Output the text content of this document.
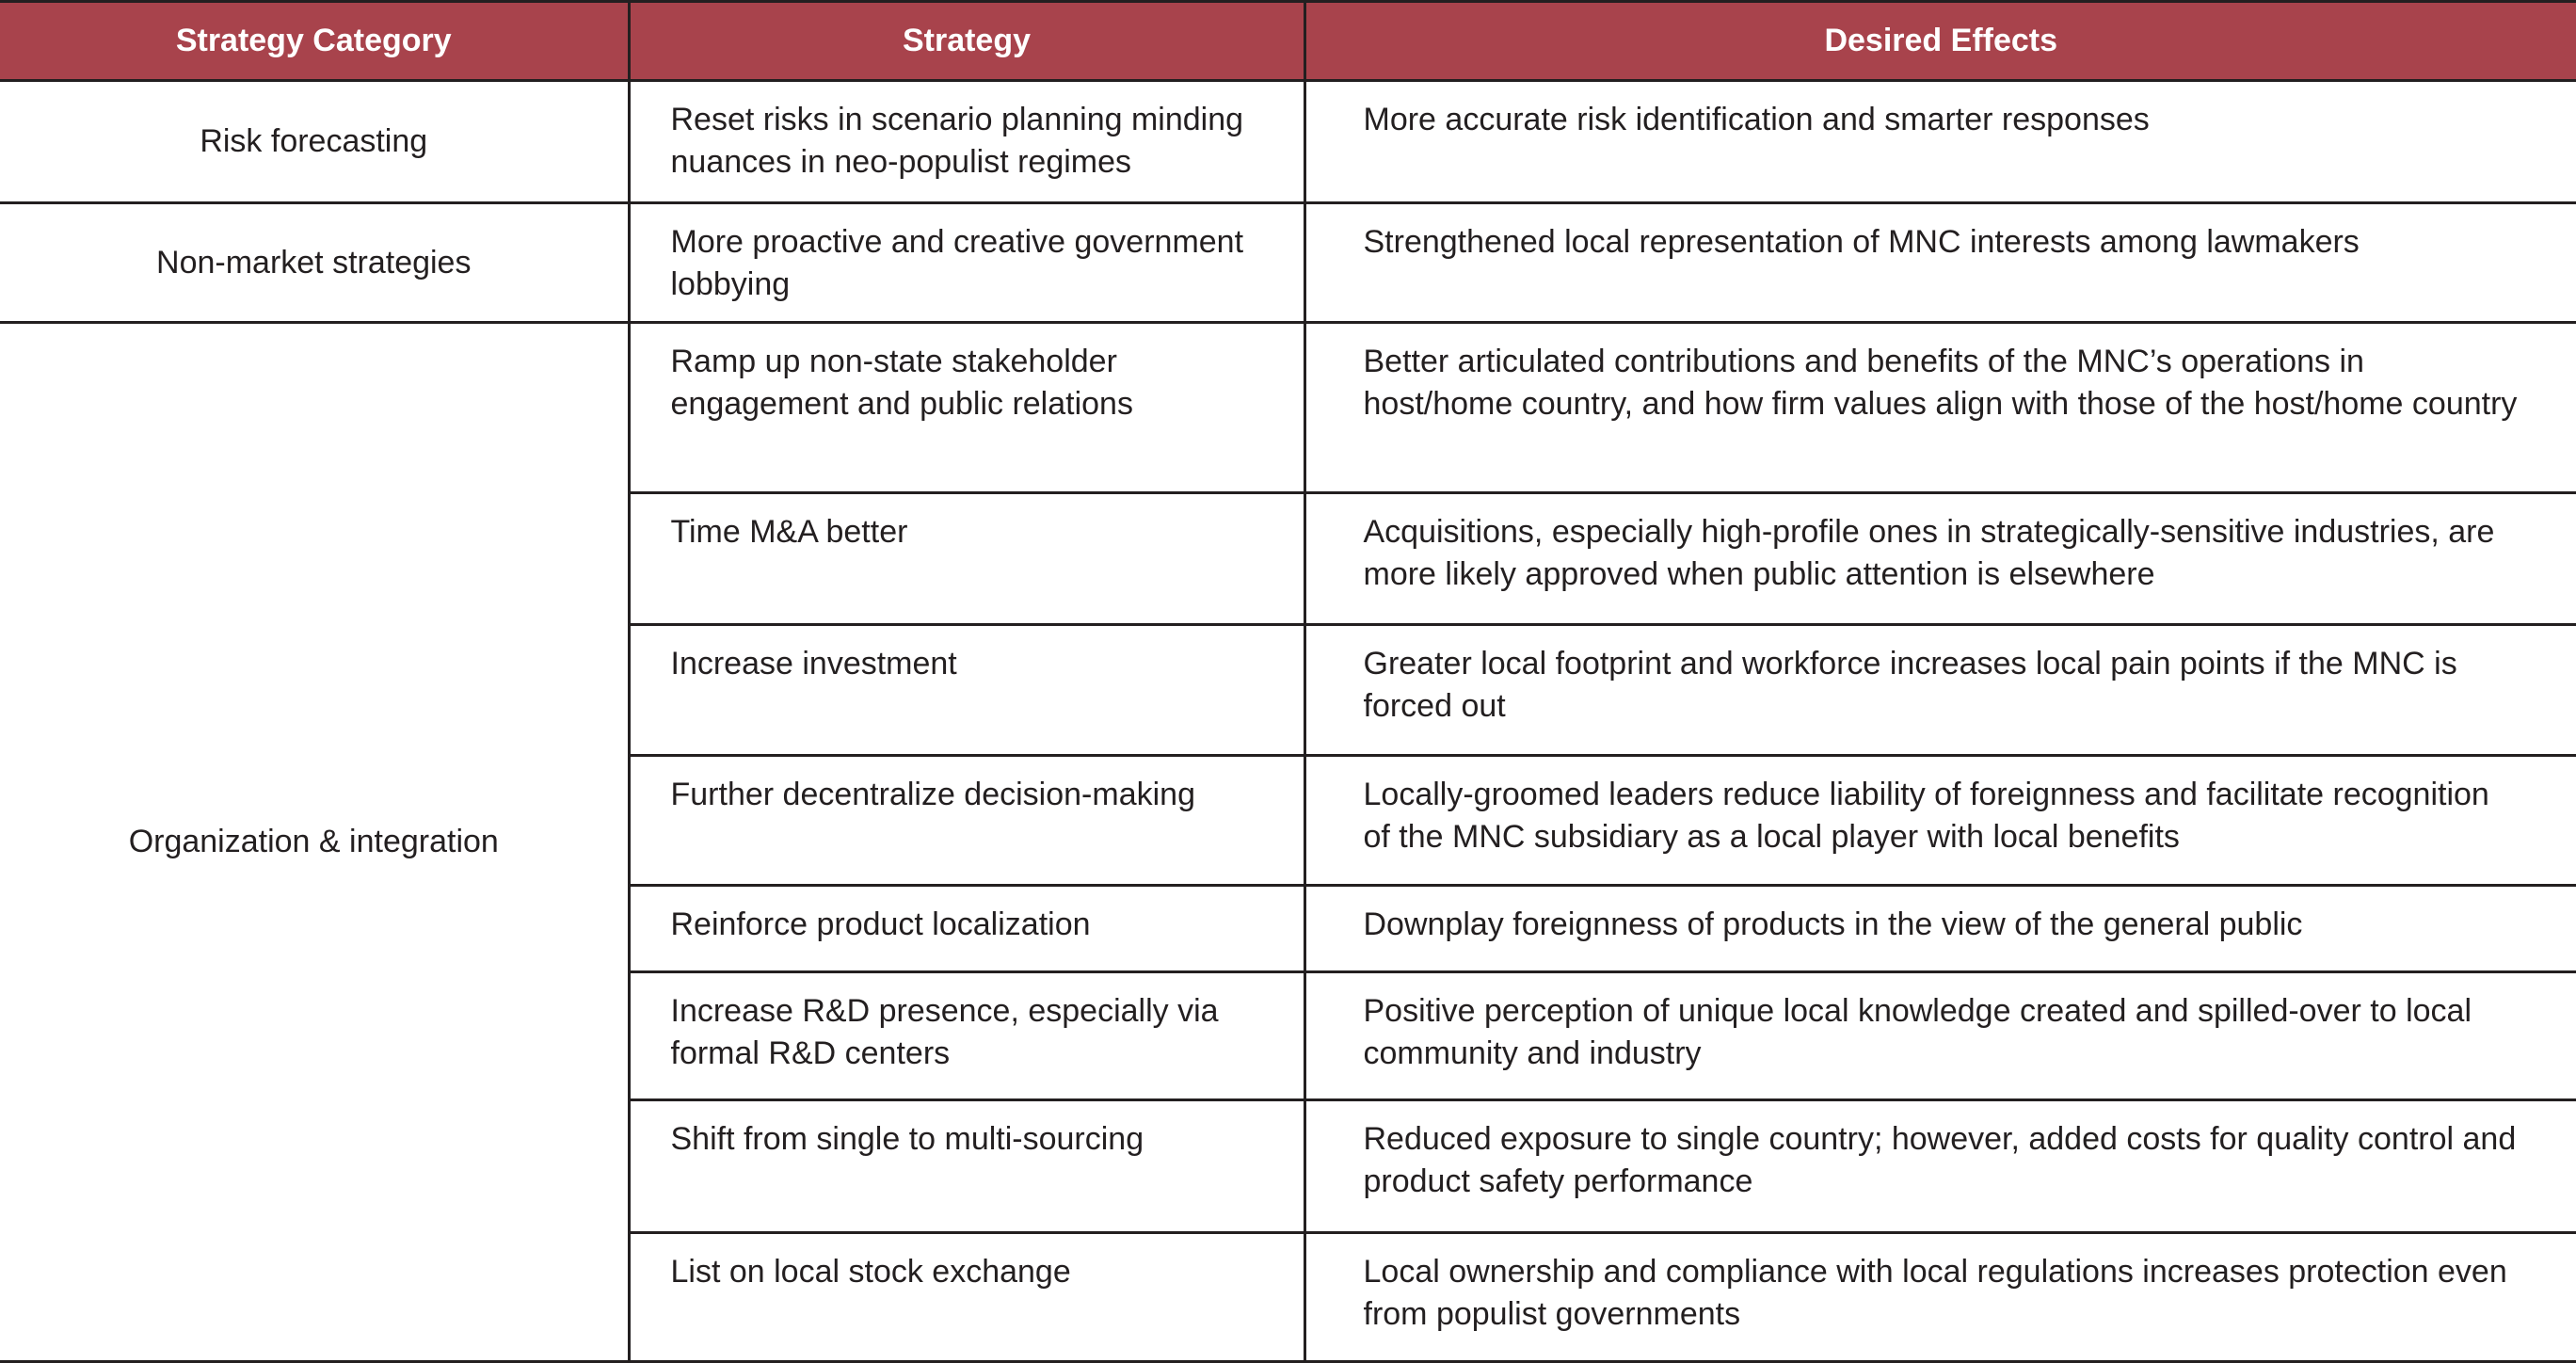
Strategy Category	Strategy	Desired Effects
Risk forecasting	Reset risks in scenario planning minding nuances in neo-populist regimes	More accurate risk identification and smarter responses
Non-market strategies	More proactive and creative government lobbying	Strengthened local representation of MNC interests among lawmakers
Organization & integration	Ramp up non-state stakeholder engagement and public relations	Better articulated contributions and benefits of the MNC’s operations in host/home country, and how firm values align with those of the host/home country
	Time M&A better	Acquisitions, especially high-profile ones in strategically-sensitive industries, are more likely approved when public attention is elsewhere
	Increase investment	Greater local footprint and workforce increases local pain points if the MNC is forced out
	Further decentralize decision-making	Locally-groomed leaders reduce liability of foreignness and facilitate recognition of the MNC subsidiary as a local player with local benefits
	Reinforce product localization	Downplay foreignness of products in the view of the general public
	Increase R&D presence, especially via formal R&D centers	Positive perception of unique local knowledge created and spilled-over to local community and industry
	Shift from single to multi-sourcing	Reduced exposure to single country; however, added costs for quality control and product safety performance
	List on local stock exchange	Local ownership and compliance with local regulations increases protection even from populist governments
